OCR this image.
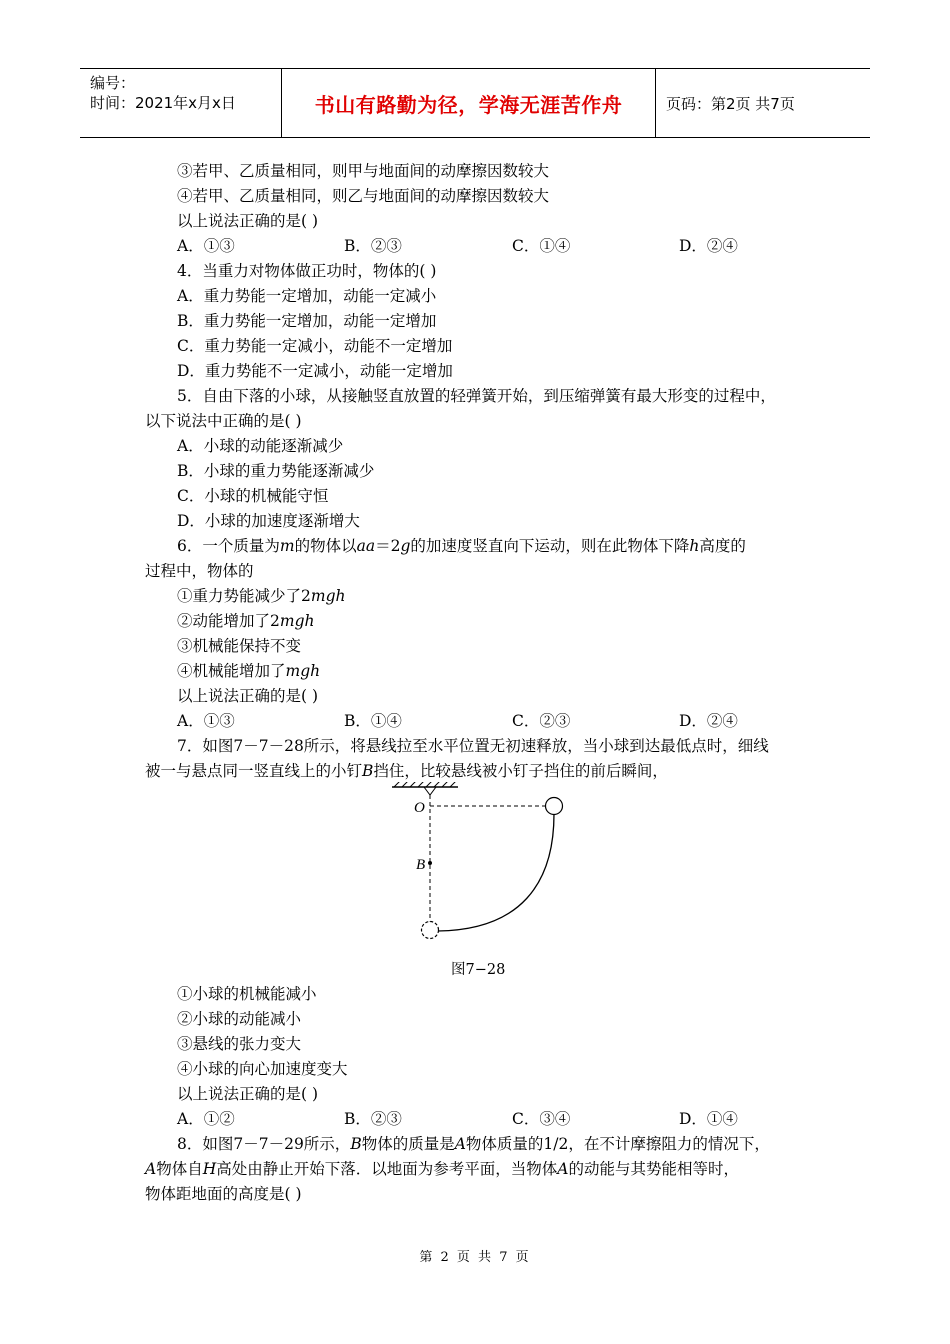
编号：
时间：2021年x月x日	书山有路勤为径，学海无涯苦作舟	页码：第2页 共7页
③若甲、乙质量相同，则甲与地面间的动摩擦因数较大
④若甲、乙质量相同，则乙与地面间的动摩擦因数较大
以上说法正确的是( )
A．①③	B．②③	C．①④	D．②④
4．当重力对物体做正功时，物体的( )
A．重力势能一定增加，动能一定减小
B．重力势能一定增加，动能一定增加
C．重力势能一定减小，动能不一定增加
D．重力势能不一定减小，动能一定增加
5．自由下落的小球，从接触竖直放置的轻弹簧开始，到压缩弹簧有最大形变的过程中，
以下说法中正确的是( )
A．小球的动能逐渐减少
B．小球的重力势能逐渐减少
C．小球的机械能守恒
D．小球的加速度逐渐增大
6．一个质量为m的物体以aa＝2g的加速度竖直向下运动，则在此物体下降h高度的
过程中，物体的
①重力势能减少了2mgh
②动能增加了2mgh
③机械能保持不变
④机械能增加了mgh
以上说法正确的是( )
A．①③	B．①④	C．②③	D．②④
7．如图7－7－28所示，将悬线拉至水平位置无初速释放，当小球到达最低点时，细线
被一与悬点同一竖直线上的小钉B挡住，比较悬线被小钉子挡住的前后瞬间，
O
B
图7−28
①小球的机械能减小
②小球的动能减小
③悬线的张力变大
④小球的向心加速度变大
以上说法正确的是( )
A．①②	B．②③	C．③④	D．①④
8．如图7－7－29所示，B物体的质量是A物体质量的1/2，在不计摩擦阻力的情况下，
A物体自H高处由静止开始下落．以地面为参考平面，当物体A的动能与其势能相等时，
物体距地面的高度是( )
第 2 页 共 7 页
